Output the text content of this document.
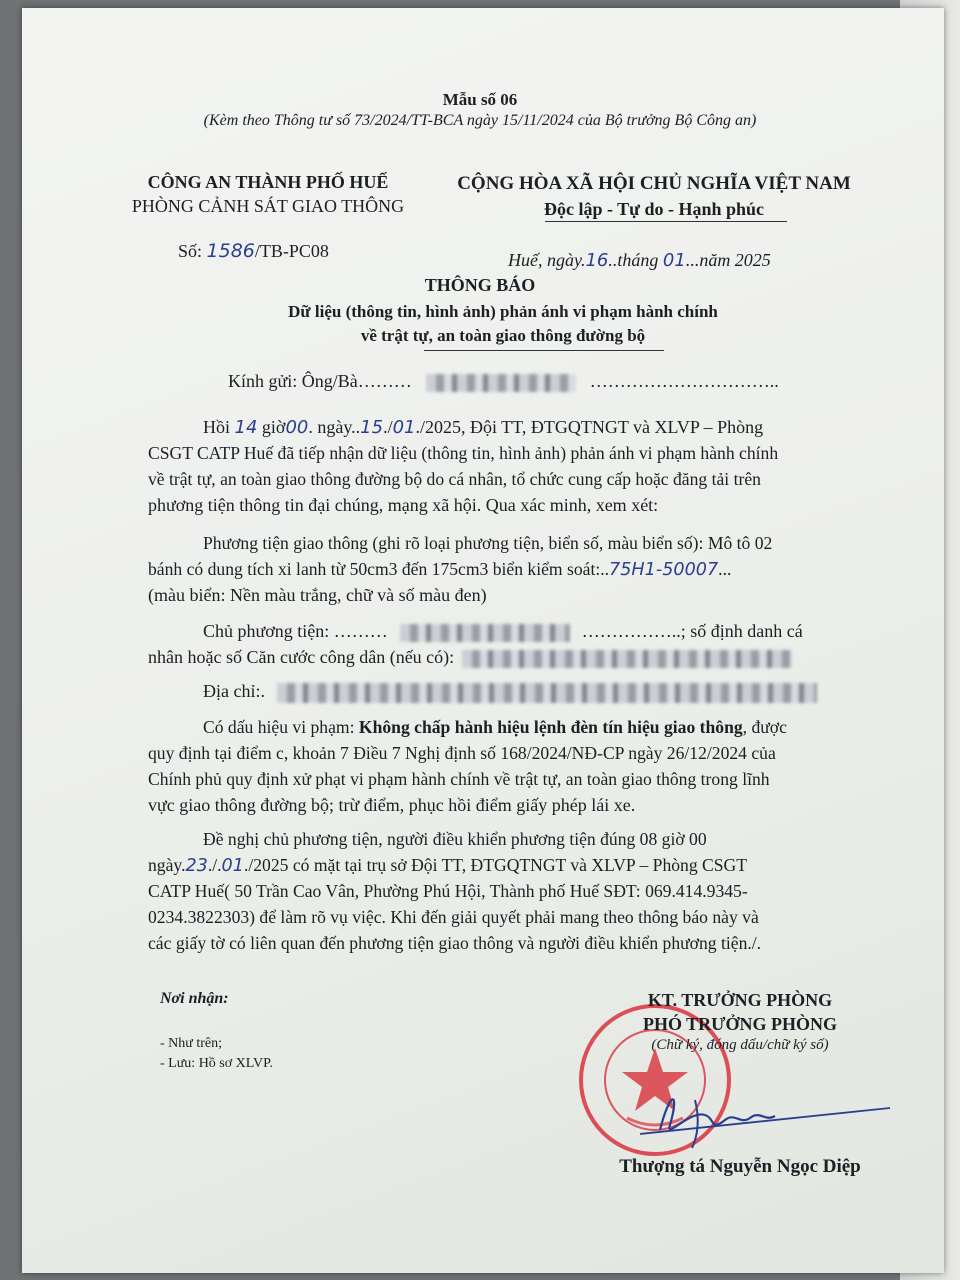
Mẫu số 06
(Kèm theo Thông tư số 73/2024/TT-BCA ngày 15/11/2024 của Bộ trưởng Bộ Công an)
CÔNG AN THÀNH PHỐ HUẾ
PHÒNG CẢNH SÁT GIAO THÔNG
Số: 1586/TB-PC08
CỘNG HÒA XÃ HỘI CHỦ NGHĨA VIỆT NAM
Độc lập - Tự do - Hạnh phúc
Huế, ngày.16..tháng 01...năm 2025
THÔNG BÁO
Dữ liệu (thông tin, hình ảnh) phản ánh vi phạm hành chính
về trật tự, an toàn giao thông đường bộ
Kính gửi: Ông/Bà………	…………………………..
Hồi 14 giờ00. ngày..15./01./2025, Đội TT, ĐTGQTNGT và XLVP – Phòng
CSGT CATP Huế đã tiếp nhận dữ liệu (thông tin, hình ảnh) phản ánh vi phạm hành chính
về trật tự, an toàn giao thông đường bộ do cá nhân, tổ chức cung cấp hoặc đăng tải trên
phương tiện thông tin đại chúng, mạng xã hội. Qua xác minh, xem xét:
Phương tiện giao thông (ghi rõ loại phương tiện, biển số, màu biển số): Mô tô 02
bánh có dung tích xi lanh từ 50cm3 đến 175cm3 biển kiểm soát:..75H1-50007...
(màu biển: Nền màu trắng, chữ và số màu đen)
Chủ phương tiện: ………	……………..; số định danh cá
nhân hoặc số Căn cước công dân (nếu có):
Địa chỉ:.
Có dấu hiệu vi phạm: Không chấp hành hiệu lệnh đèn tín hiệu giao thông, được
quy định tại điểm c, khoản 7 Điều 7 Nghị định số 168/2024/NĐ-CP ngày 26/12/2024 của
Chính phủ quy định xử phạt vi phạm hành chính về trật tự, an toàn giao thông trong lĩnh
vực giao thông đường bộ; trừ điểm, phục hồi điểm giấy phép lái xe.
Đề nghị chủ phương tiện, người điều khiển phương tiện đúng 08 giờ 00
ngày.23./.01./2025 có mặt tại trụ sở Đội TT, ĐTGQTNGT và XLVP – Phòng CSGT
CATP Huế( 50 Trần Cao Vân, Phường Phú Hội, Thành phố Huế SĐT: 069.414.9345-
0234.3822303) để làm rõ vụ việc. Khi đến giải quyết phải mang theo thông báo này và
các giấy tờ có liên quan đến phương tiện giao thông và người điều khiển phương tiện./.
Nơi nhận:
- Như trên;
- Lưu: Hồ sơ XLVP.
KT. TRƯỞNG PHÒNG
PHÓ TRƯỞNG PHÒNG
(Chữ ký, đóng dấu/chữ ký số)
Thượng tá Nguyễn Ngọc Diệp
